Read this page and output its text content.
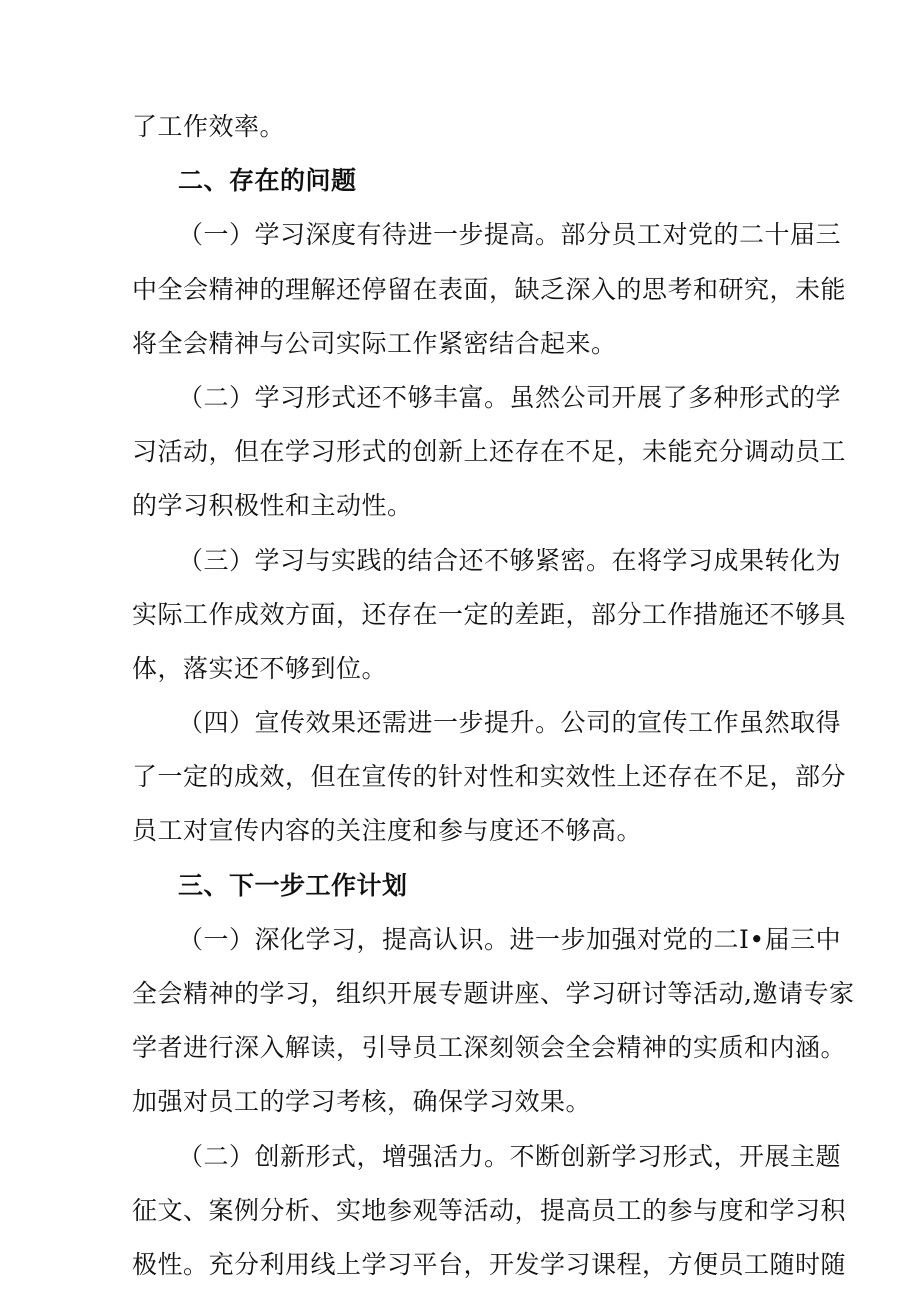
了工作效率。
二、存在的问题
（一）学习深度有待进一步提高。部分员工对党的二十届三
中全会精神的理解还停留在表面，缺乏深入的思考和研究，未能
将全会精神与公司实际工作紧密结合起来。
（二）学习形式还不够丰富。虽然公司开展了多种形式的学
习活动，但在学习形式的创新上还存在不足，未能充分调动员工
的学习积极性和主动性。
（三）学习与实践的结合还不够紧密。在将学习成果转化为
实际工作成效方面，还存在一定的差距，部分工作措施还不够具
体，落实还不够到位。
（四）宣传效果还需进一步提升。公司的宣传工作虽然取得
了一定的成效，但在宣传的针对性和实效性上还存在不足，部分
员工对宣传内容的关注度和参与度还不够高。
三、下一步工作计划
（一）深化学习，提高认识。进一步加强对党的二I•届三中
全会精神的学习，组织开展专题讲座、学习研讨等活动,邀请专家
学者进行深入解读，引导员工深刻领会全会精神的实质和内涵。
加强对员工的学习考核，确保学习效果。
（二）创新形式，增强活力。不断创新学习形式，开展主题
征文、案例分析、实地参观等活动，提高员工的参与度和学习积
极性。充分利用线上学习平台，开发学习课程，方便员工随时随
